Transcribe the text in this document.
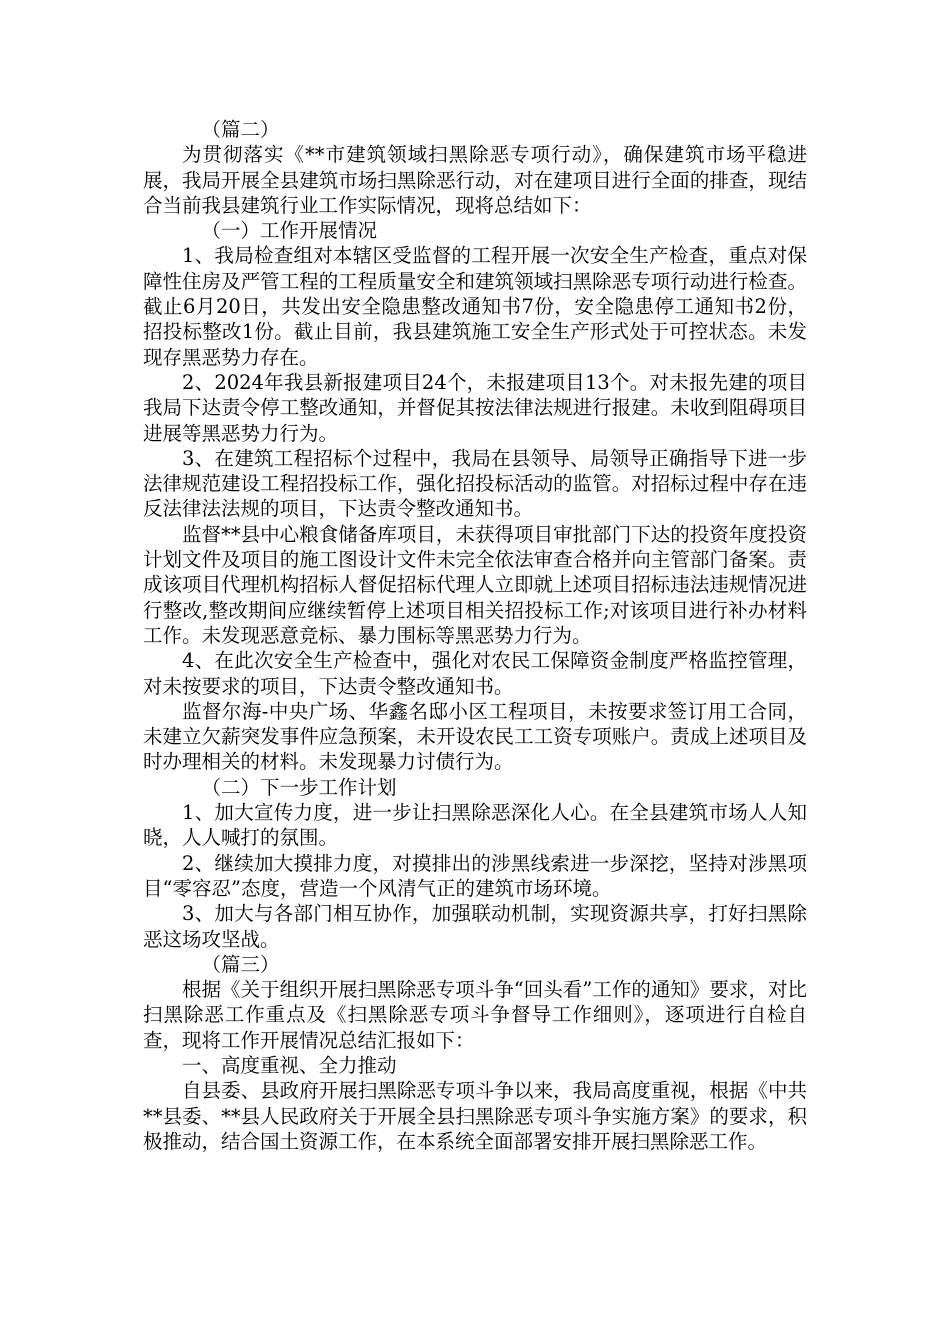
（篇二）

为贯彻落实《**市建筑领域扫黑除恶专项行动》，确保建筑市场平稳进展，我局开展全县建筑市场扫黑除恶行动，对在建项目进行全面的排查，现结合当前我县建筑行业工作实际情况，现将总结如下：

（一）工作开展情况

1、我局检查组对本辖区受监督的工程开展一次安全生产检查，重点对保障性住房及严管工程的工程质量安全和建筑领域扫黑除恶专项行动进行检查。截止6月20日，共发出安全隐患整改通知书7份，安全隐患停工通知书2份，招投标整改1份。截止目前，我县建筑施工安全生产形式处于可控状态。未发现存黑恶势力存在。

2、2024年我县新报建项目24个，未报建项目13个。对未报先建的项目我局下达责令停工整改通知，并督促其按法律法规进行报建。未收到阻碍项目进展等黑恶势力行为。

3、在建筑工程招标个过程中，我局在县领导、局领导正确指导下进一步法律规范建设工程招投标工作，强化招投标活动的监管。对招标过程中存在违反法律法法规的项目，下达责令整改通知书。

监督**县中心粮食储备库项目，未获得项目审批部门下达的投资年度投资计划文件及项目的施工图设计文件未完全依法审查合格并向主管部门备案。责成该项目代理机构招标人督促招标代理人立即就上述项目招标违法违规情况进行整改,整改期间应继续暂停上述项目相关招投标工作;对该项目进行补办材料工作。未发现恶意竞标、暴力围标等黑恶势力行为。

4、在此次安全生产检查中，强化对农民工保障资金制度严格监控管理，对未按要求的项目，下达责令整改通知书。

监督尔海-中央广场、华鑫名邸小区工程项目，未按要求签订用工合同，未建立欠薪突发事件应急预案，未开设农民工工资专项账户。责成上述项目及时办理相关的材料。未发现暴力讨债行为。

（二）下一步工作计划

1、加大宣传力度，进一步让扫黑除恶深化人心。在全县建筑市场人人知晓，人人喊打的氛围。

2、继续加大摸排力度，对摸排出的涉黑线索进一步深挖，坚持对涉黑项目“零容忍”态度，营造一个风清气正的建筑市场环境。

3、加大与各部门相互协作，加强联动机制，实现资源共享，打好扫黑除恶这场攻坚战。

（篇三）

根据《关于组织开展扫黑除恶专项斗争“回头看”工作的通知》要求，对比扫黑除恶工作重点及《扫黑除恶专项斗争督导工作细则》，逐项进行自检自查，现将工作开展情况总结汇报如下：

一、高度重视、全力推动

自县委、县政府开展扫黑除恶专项斗争以来，我局高度重视，根据《中共**县委、**县人民政府关于开展全县扫黑除恶专项斗争实施方案》的要求，积极推动，结合国土资源工作，在本系统全面部署安排开展扫黑除恶工作。
